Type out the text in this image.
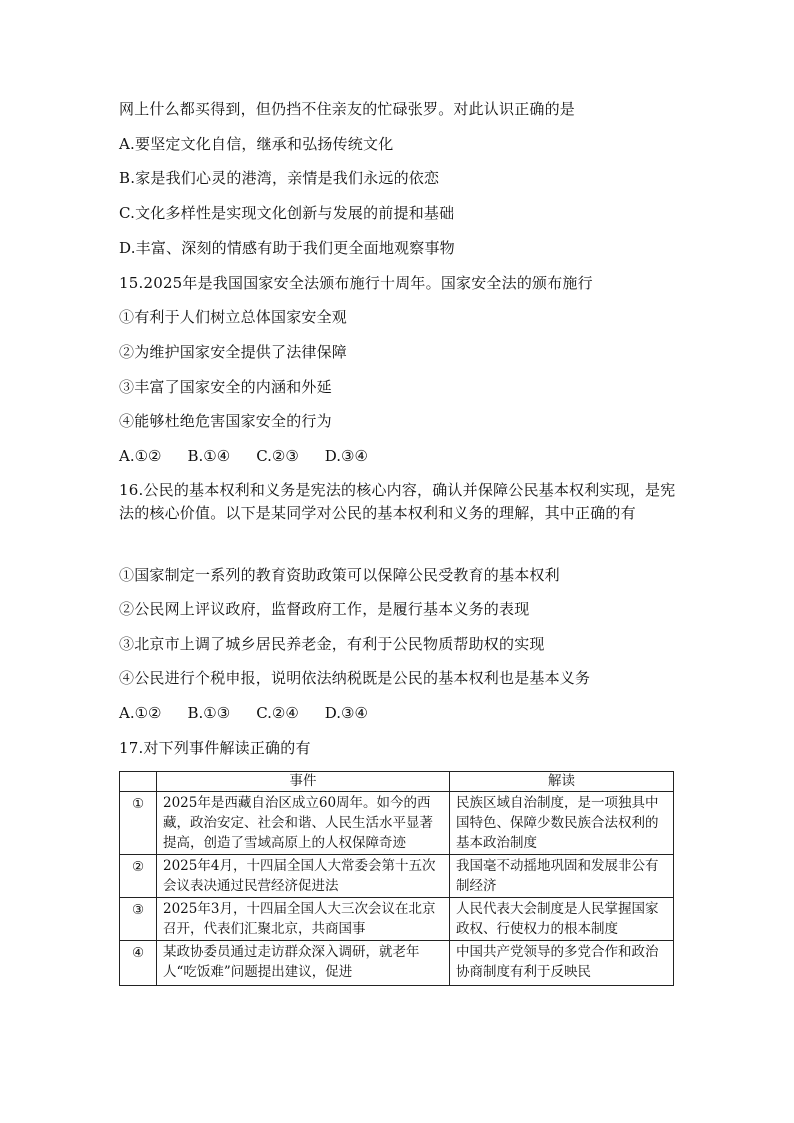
网上什么都买得到，但仍挡不住亲友的忙碌张罗。对此认识正确的是
A.要坚定文化自信，继承和弘扬传统文化
B.家是我们心灵的港湾，亲情是我们永远的依恋
C.文化多样性是实现文化创新与发展的前提和基础
D.丰富、深刻的情感有助于我们更全面地观察事物
15.2025年是我国国家安全法颁布施行十周年。国家安全法的颁布施行
①有利于人们树立总体国家安全观
②为维护国家安全提供了法律保障
③丰富了国家安全的内涵和外延
④能够杜绝危害国家安全的行为
A.①② B.①④ C.②③ D.③④
16.公民的基本权利和义务是宪法的核心内容，确认并保障公民基本权利实现，是宪法的核心价值。以下是某同学对公民的基本权利和义务的理解，其中正确的有
①国家制定一系列的教育资助政策可以保障公民受教育的基本权利
②公民网上评议政府，监督政府工作，是履行基本义务的表现
③北京市上调了城乡居民养老金，有利于公民物质帮助权的实现
④公民进行个税申报，说明依法纳税既是公民的基本权利也是基本义务
A.①② B.①③ C.②④ D.③④
17.对下列事件解读正确的有
	事件	解读
①	2025年是西藏自治区成立60周年。如今的西藏，政治安定、社会和谐、人民生活水平显著提高，创造了雪域高原上的人权保障奇迹	民族区域自治制度，是一项独具中国特色、保障少数民族合法权利的基本政治制度
②	2025年4月，十四届全国人大常委会第十五次会议表决通过民营经济促进法	我国毫不动摇地巩固和发展非公有制经济
③	2025年3月，十四届全国人大三次会议在北京召开，代表们汇聚北京，共商国事	人民代表大会制度是人民掌握国家政权、行使权力的根本制度
④	某政协委员通过走访群众深入调研，就老年人“吃饭难”问题提出建议，促进	中国共产党领导的多党合作和政治协商制度有利于反映民
